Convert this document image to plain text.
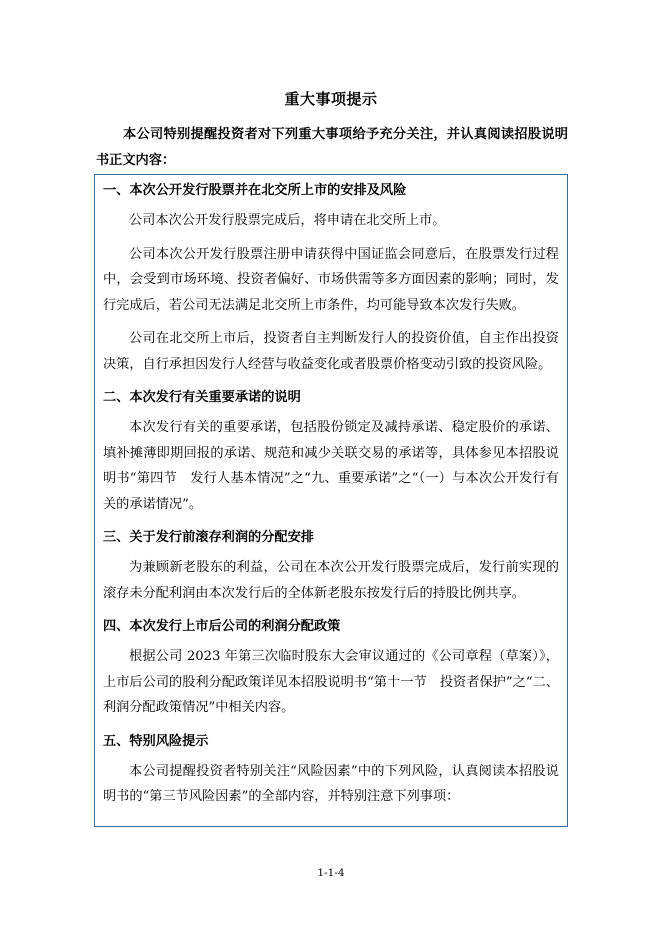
重大事项提示

本公司特别提醒投资者对下列重大事项给予充分关注，并认真阅读招股说明书正文内容：

一、本次公开发行股票并在北交所上市的安排及风险

公司本次公开发行股票完成后，将申请在北交所上市。

公司本次公开发行股票注册申请获得中国证监会同意后，在股票发行过程中，会受到市场环境、投资者偏好、市场供需等多方面因素的影响；同时，发行完成后，若公司无法满足北交所上市条件，均可能导致本次发行失败。

公司在北交所上市后，投资者自主判断发行人的投资价值，自主作出投资决策，自行承担因发行人经营与收益变化或者股票价格变动引致的投资风险。

二、本次发行有关重要承诺的说明

本次发行有关的重要承诺，包括股份锁定及减持承诺、稳定股价的承诺、填补摊薄即期回报的承诺、规范和减少关联交易的承诺等，具体参见本招股说明书“第四节　发行人基本情况”之“九、重要承诺”之“（一）与本次公开发行有关的承诺情况”。

三、关于发行前滚存利润的分配安排

为兼顾新老股东的利益，公司在本次公开发行股票完成后，发行前实现的滚存未分配利润由本次发行后的全体新老股东按发行后的持股比例共享。

四、本次发行上市后公司的利润分配政策

根据公司 2023 年第三次临时股东大会审议通过的《公司章程（草案）》，上市后公司的股利分配政策详见本招股说明书“第十一节　投资者保护”之“二、利润分配政策情况”中相关内容。

五、特别风险提示

本公司提醒投资者特别关注“风险因素”中的下列风险，认真阅读本招股说明书的“第三节风险因素”的全部内容，并特别注意下列事项：

1-1-4
